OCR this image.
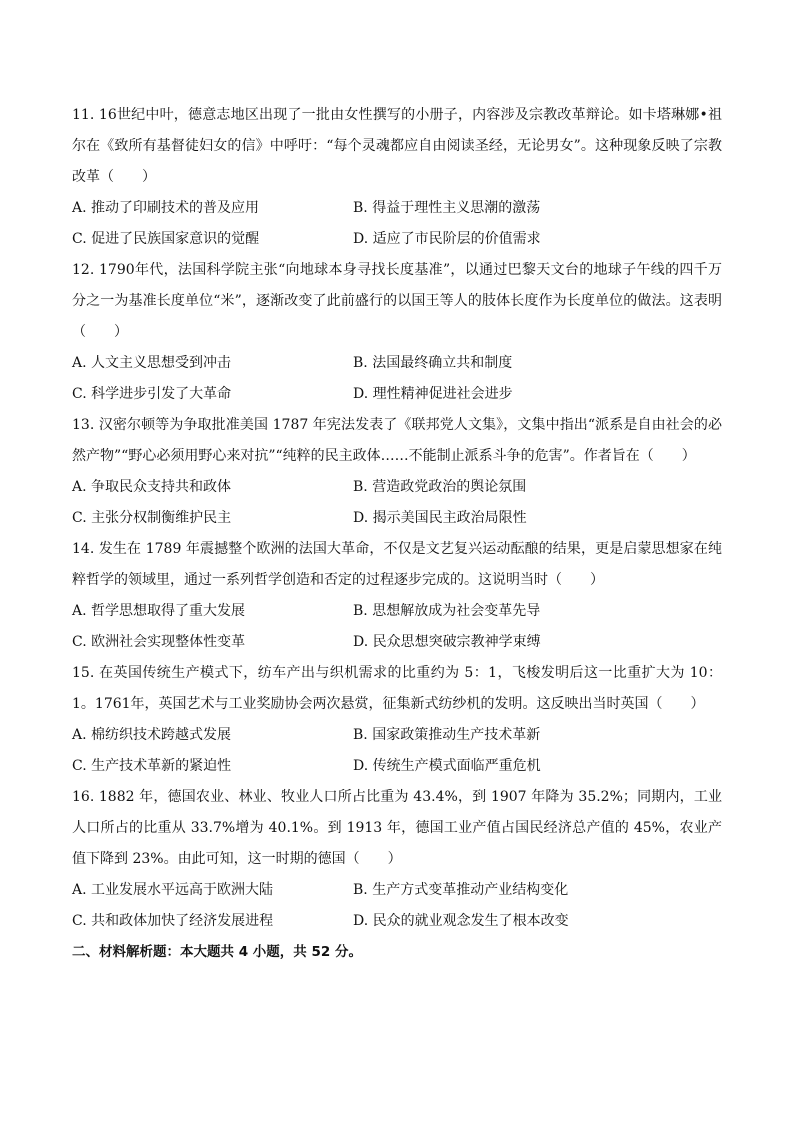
11. 16世纪中叶，德意志地区出现了一批由女性撰写的小册子，内容涉及宗教改革辩论。如卡塔琳娜•祖尔在《致所有基督徒妇女的信》中呼吁：“每个灵魂都应自由阅读圣经，无论男女”。这种现象反映了宗教改革（　　）
A. 推动了印刷技术的普及应用	B. 得益于理性主义思潮的激荡
C. 促进了民族国家意识的觉醒	D. 适应了市民阶层的价值需求
12. 1790年代，法国科学院主张“向地球本身寻找长度基准”，以通过巴黎天文台的地球子午线的四千万分之一为基准长度单位“米”，逐渐改变了此前盛行的以国王等人的肢体长度作为长度单位的做法。这表明（　　）
A. 人文主义思想受到冲击	B. 法国最终确立共和制度
C. 科学进步引发了大革命	D. 理性精神促进社会进步
13. 汉密尔顿等为争取批准美国 1787 年宪法发表了《联邦党人文集》，文集中指出“派系是自由社会的必然产物”“野心必须用野心来对抗”“纯粹的民主政体……不能制止派系斗争的危害”。作者旨在（　　）
A. 争取民众支持共和政体	B. 营造政党政治的舆论氛围
C. 主张分权制衡维护民主	D. 揭示美国民主政治局限性
14. 发生在 1789 年震撼整个欧洲的法国大革命，不仅是文艺复兴运动酝酿的结果，更是启蒙思想家在纯粹哲学的领域里，通过一系列哲学创造和否定的过程逐步完成的。这说明当时（　　）
A. 哲学思想取得了重大发展	B. 思想解放成为社会变革先导
C. 欧洲社会实现整体性变革	D. 民众思想突破宗教神学束缚
15. 在英国传统生产模式下，纺车产出与织机需求的比重约为 5：1，飞梭发明后这一比重扩大为 10：1。1761年，英国艺术与工业奖励协会两次悬赏，征集新式纺纱机的发明。这反映出当时英国（　　）
A. 棉纺织技术跨越式发展	B. 国家政策推动生产技术革新
C. 生产技术革新的紧迫性	D. 传统生产模式面临严重危机
16. 1882 年，德国农业、林业、牧业人口所占比重为 43.4%，到 1907 年降为 35.2%；同期内，工业人口所占的比重从 33.7%增为 40.1%。到 1913 年，德国工业产值占国民经济总产值的 45%，农业产值下降到 23%。由此可知，这一时期的德国（　　）
A. 工业发展水平远高于欧洲大陆	B. 生产方式变革推动产业结构变化
C. 共和政体加快了经济发展进程	D. 民众的就业观念发生了根本改变
二、材料解析题：本大题共 4 小题，共 52 分。
